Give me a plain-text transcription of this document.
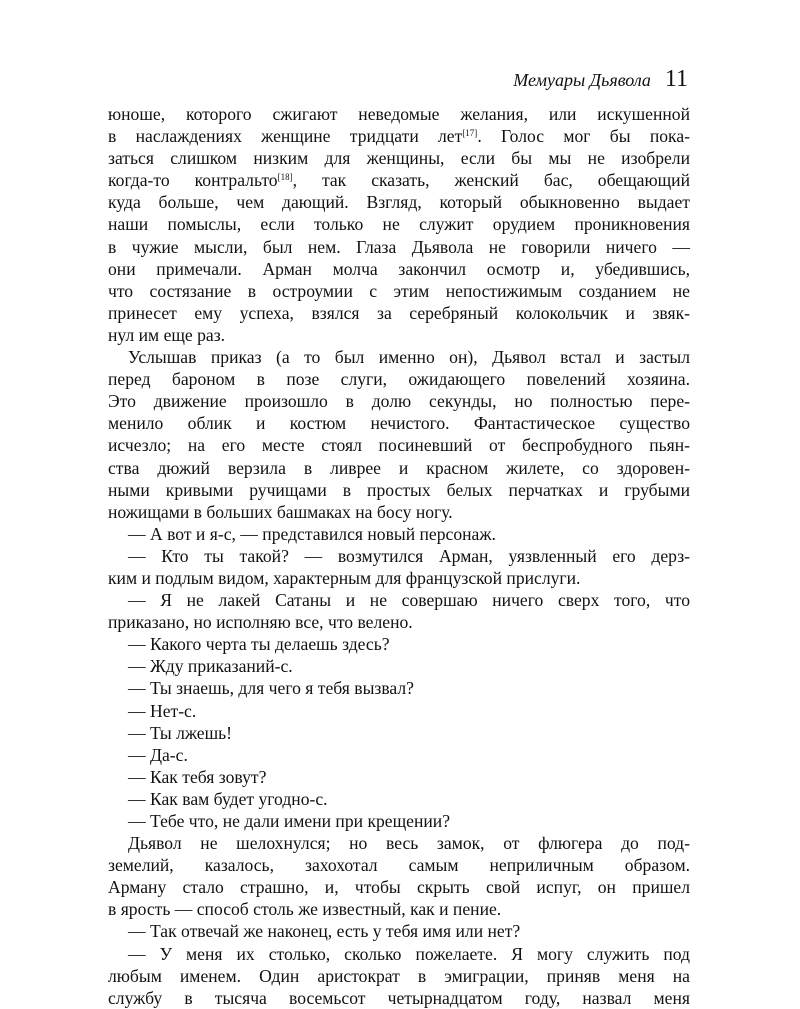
Мемуары Дьявола 11
юноше, которого сжигают неведомые желания, или искушенной
в наслаждениях женщине тридцати лет[17]. Голос мог бы пока-
заться слишком низким для женщины, если бы мы не изобрели
когда-то контральто[18], так сказать, женский бас, обещающий
куда больше, чем дающий. Взгляд, который обыкновенно выдает
наши помыслы, если только не служит орудием проникновения
в чужие мысли, был нем. Глаза Дьявола не говорили ничего —
они примечали. Арман молча закончил осмотр и, убедившись,
что состязание в остроумии с этим непостижимым созданием не
принесет ему успеха, взялся за серебряный колокольчик и звяк-
нул им еще раз.
Услышав приказ (а то был именно он), Дьявол встал и застыл
перед бароном в позе слуги, ожидающего повелений хозяина.
Это движение произошло в долю секунды, но полностью пере-
менило облик и костюм нечистого. Фантастическое существо
исчезло; на его месте стоял посиневший от беспробудного пьян-
ства дюжий верзила в ливрее и красном жилете, со здоровен-
ными кривыми ручищами в простых белых перчатках и грубыми
ножищами в больших башмаках на босу ногу.
— А вот и я-с, — представился новый персонаж.
— Кто ты такой? — возмутился Арман, уязвленный его дерз-
ким и подлым видом, характерным для французской прислуги.
— Я не лакей Сатаны и не совершаю ничего сверх того, что
приказано, но исполняю все, что велено.
— Какого черта ты делаешь здесь?
— Жду приказаний-с.
— Ты знаешь, для чего я тебя вызвал?
— Нет-с.
— Ты лжешь!
— Да-с.
— Как тебя зовут?
— Как вам будет угодно-с.
— Тебе что, не дали имени при крещении?
Дьявол не шелохнулся; но весь замок, от флюгера до под-
земелий, казалось, захохотал самым неприличным образом.
Арману стало страшно, и, чтобы скрыть свой испуг, он пришел
в ярость — способ столь же известный, как и пение.
— Так отвечай же наконец, есть у тебя имя или нет?
— У меня их столько, сколько пожелаете. Я могу служить под
любым именем. Один аристократ в эмиграции, приняв меня на
службу в тысяча восемьсот четырнадцатом году, назвал меня
